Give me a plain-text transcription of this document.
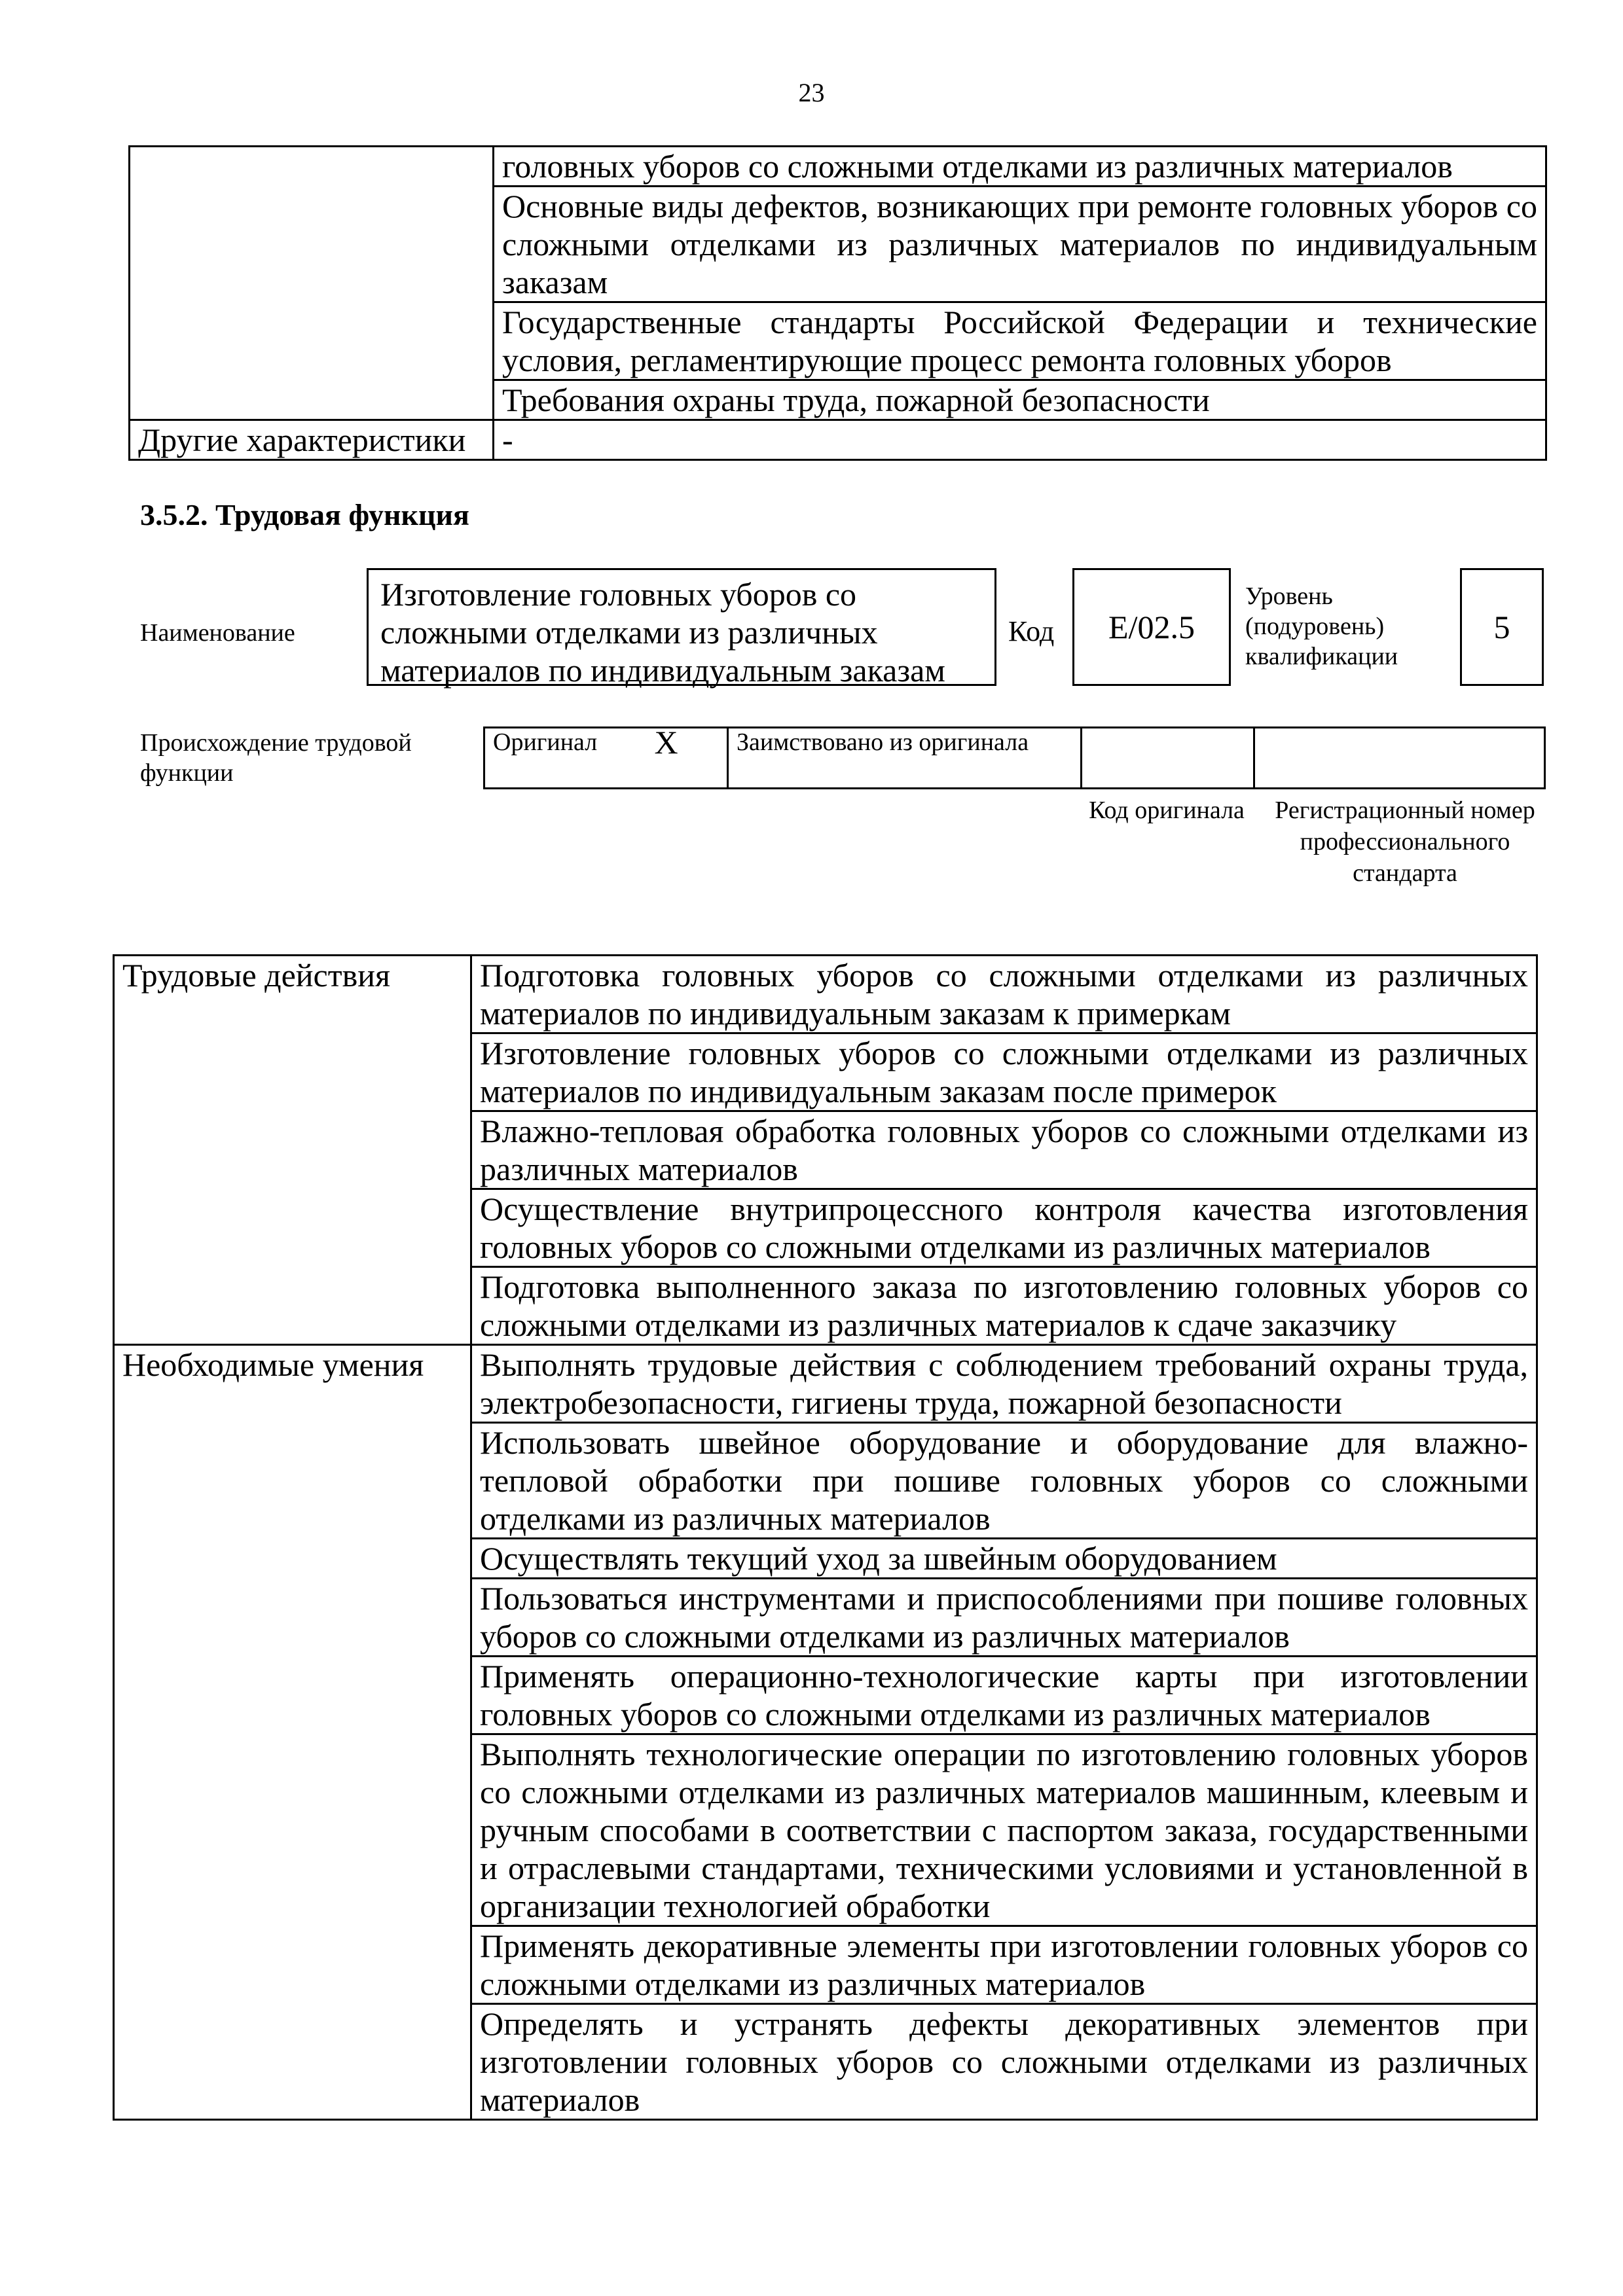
23
	головных уборов со сложными отделками из различных материалов
	Основные виды дефектов, возникающих при ремонте головных уборов со сложными отделками из различных материалов по индивидуальным заказам
	Государственные стандарты Российской Федерации и технические условия, регламентирующие процесс ремонта головных уборов
	Требования охраны труда, пожарной безопасности
Другие характеристики	-
3.5.2. Трудовая функция
Наименование
Изготовление головных уборов со сложными отделками из различных материалов по индивидуальным заказам
Код	E/02.5
Уровень (подуровень) квалификации
5
Происхождение трудовой функции
Оригинал	X	Заимствовано из оригинала		
Код оригинала	Регистрационный номер профессионального стандарта
Трудовые действия	Подготовка головных уборов со сложными отделками из различных материалов по индивидуальным заказам к примеркам
	Изготовление головных уборов со сложными отделками из различных материалов по индивидуальным заказам после примерок
	Влажно-тепловая обработка головных уборов со сложными отделками из различных материалов
	Осуществление внутрипроцессного контроля качества изготовления головных уборов со сложными отделками из различных материалов
	Подготовка выполненного заказа по изготовлению головных уборов со сложными отделками из различных материалов к сдаче заказчику
Необходимые умения	Выполнять трудовые действия с соблюдением требований охраны труда, электробезопасности, гигиены труда, пожарной безопасности
	Использовать швейное оборудование и оборудование для влажно-тепловой обработки при пошиве головных уборов со сложными отделками из различных материалов
	Осуществлять текущий уход за швейным оборудованием
	Пользоваться инструментами и приспособлениями при пошиве головных уборов со сложными отделками из различных материалов
	Применять операционно-технологические карты при изготовлении головных уборов со сложными отделками из различных материалов
	Выполнять технологические операции по изготовлению головных уборов со сложными отделками из различных материалов машинным, клеевым и ручным способами в соответствии с паспортом заказа, государственными и отраслевыми стандартами, техническими условиями и установленной в организации технологией обработки
	Применять декоративные элементы при изготовлении головных уборов со сложными отделками из различных материалов
	Определять и устранять дефекты декоративных элементов при изготовлении головных уборов со сложными отделками из различных материалов
